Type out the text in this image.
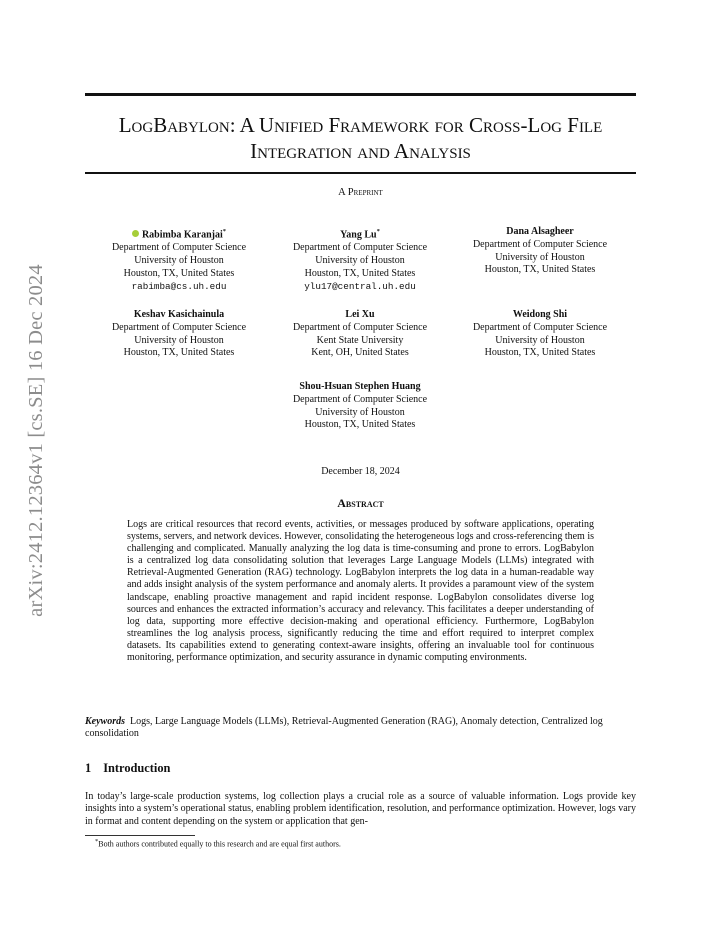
arXiv:2412.12364v1 [cs.SE] 16 Dec 2024
LogBabylon: A Unified Framework for Cross-Log File
Integration and Analysis
A Preprint
Rabimba Karanjai*
Department of Computer Science
University of Houston
Houston, TX, United States
rabimba@cs.uh.edu
Yang Lu*
Department of Computer Science
University of Houston
Houston, TX, United States
ylu17@central.uh.edu
Dana Alsagheer
Department of Computer Science
University of Houston
Houston, TX, United States
Keshav Kasichainula
Department of Computer Science
University of Houston
Houston, TX, United States
Lei Xu
Department of Computer Science
Kent State University
Kent, OH, United States
Weidong Shi
Department of Computer Science
University of Houston
Houston, TX, United States
Shou-Hsuan Stephen Huang
Department of Computer Science
University of Houston
Houston, TX, United States
December 18, 2024
Abstract
Logs are critical resources that record events, activities, or messages produced by software applications, operating systems, servers, and network devices. However, consolidating the heterogeneous logs and cross-referencing them is challenging and complicated. Manually analyzing the log data is time-consuming and prone to errors. LogBabylon is a centralized log data consolidating solution that leverages Large Language Models (LLMs) integrated with Retrieval-Augmented Generation (RAG) technology. LogBabylon interprets the log data in a human-readable way and adds insight analysis of the system performance and anomaly alerts. It provides a paramount view of the system landscape, enabling proactive management and rapid incident response. LogBabylon consolidates diverse log sources and enhances the extracted information’s accuracy and relevancy. This facilitates a deeper understanding of log data, supporting more effective decision-making and operational efficiency. Furthermore, LogBabylon streamlines the log analysis process, significantly reducing the time and effort required to interpret complex datasets. Its capabilities extend to generating context-aware insights, offering an invaluable tool for continuous monitoring, performance optimization, and security assurance in dynamic computing environments.
Keywords Logs, Large Language Models (LLMs), Retrieval-Augmented Generation (RAG), Anomaly detection, Centralized log consolidation
1 Introduction
In today’s large-scale production systems, log collection plays a crucial role as a source of valuable information. Logs provide key insights into a system’s operational status, enabling problem identification, resolution, and performance optimization. However, logs vary in format and content depending on the system or application that gen-
*Both authors contributed equally to this research and are equal first authors.
